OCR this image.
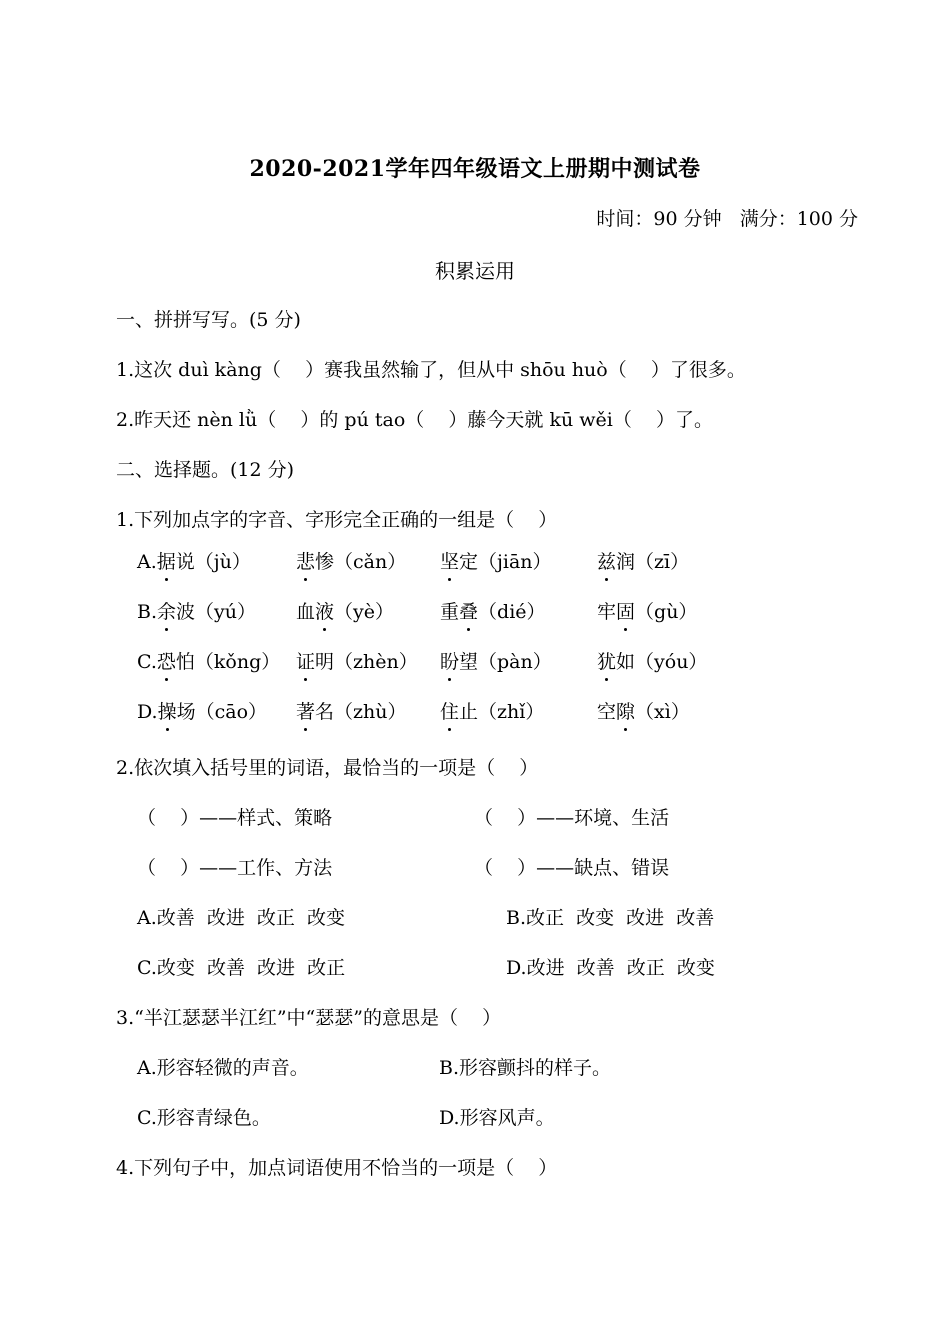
2020-2021学年四年级语文上册期中测试卷
时间：90 分钟   满分：100 分
积累运用
一、拼拼写写。(5 分)
1.这次 duì kàng（    ）赛我虽然输了，但从中 shōu huò（    ）了很多。
2.昨天还 nèn lǜ（    ）的 pú tao（    ）藤今天就 kū wěi（    ）了。
二、选择题。(12 分)
1.下列加点字的字音、字形完全正确的一组是（    ）
A.据说（jù） 悲惨（cǎn） 坚定（jiān） 兹润（zī）
B.余波（yú） 血液（yè） 重叠（dié）	牢固（gù）
C.恐怕（kǒng） 证明（zhèn） 盼望（pàn） 犹如（yóu）
D.操场（cāo） 著名（zhù） 住止（zhǐ）	空隙（xì）
2.依次填入括号里的词语，最恰当的一项是（    ）
（    ）——样式、策略	（    ）——环境、生活
（    ）——工作、方法	（    ）——缺点、错误
A.改善  改进  改正  改变	B.改正  改变  改进  改善
C.改变  改善  改进  改正	D.改进  改善  改正  改变
3.“半江瑟瑟半江红”中“瑟瑟”的意思是（    ）
A.形容轻微的声音。	B.形容颤抖的样子。
C.形容青绿色。	D.形容风声。
4.下列句子中，加点词语使用不恰当的一项是（    ）
